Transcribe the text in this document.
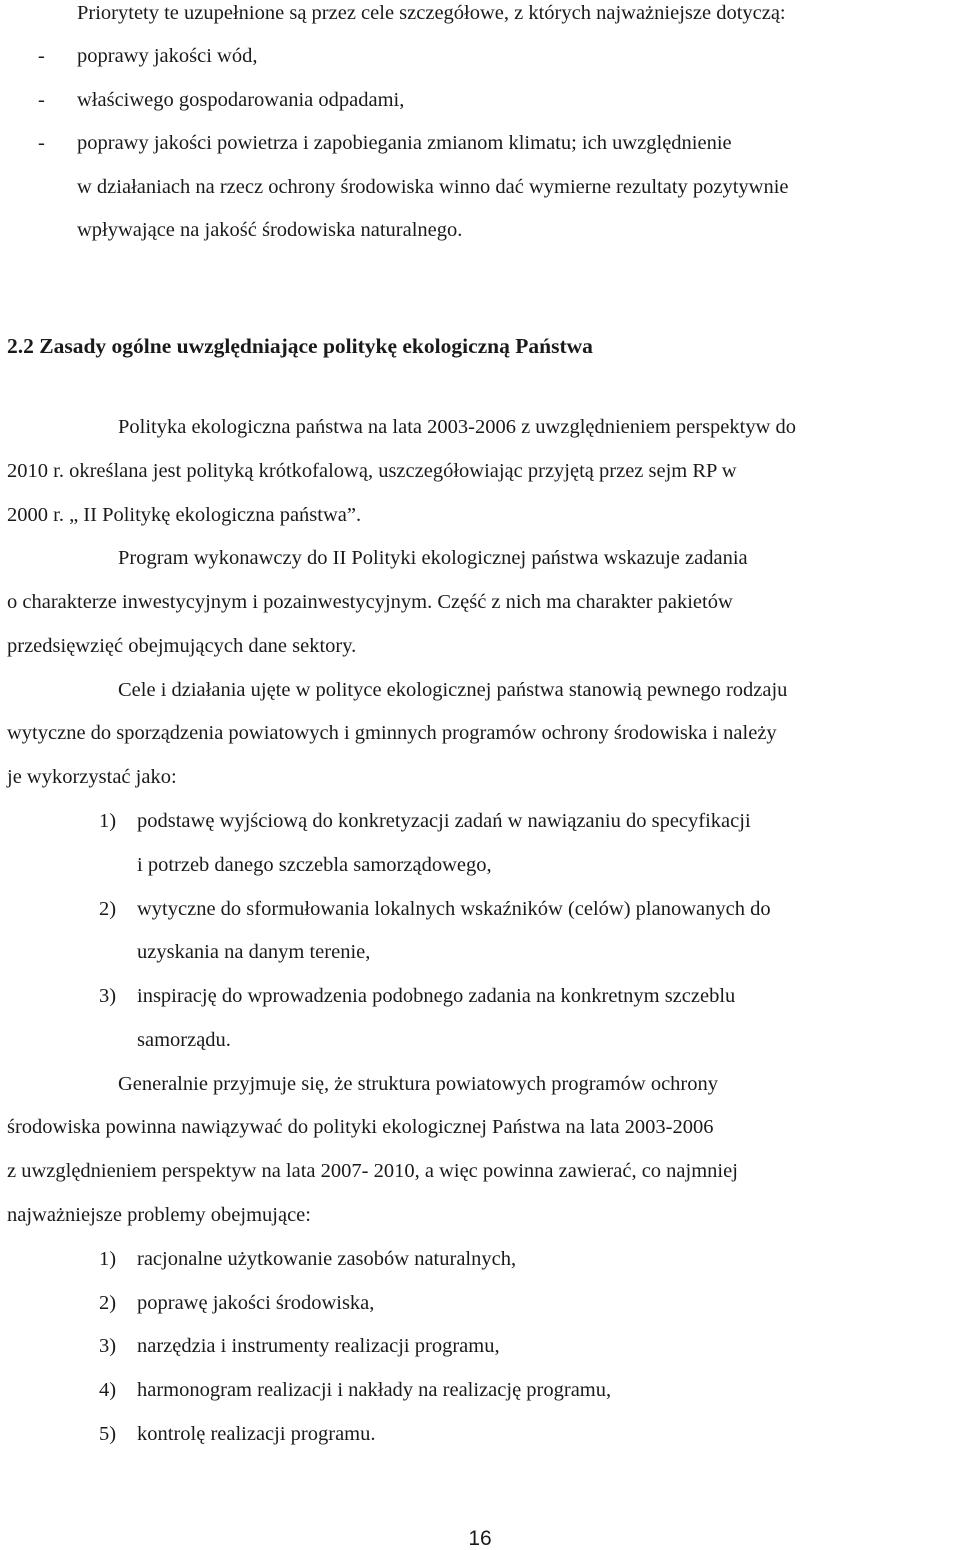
Priorytety te uzupełnione są przez cele szczegółowe, z których najważniejsze dotyczą:
- poprawy jakości wód,
- właściwego gospodarowania odpadami,
- poprawy jakości powietrza i zapobiegania zmianom klimatu; ich uwzględnienie
w działaniach na rzecz ochrony środowiska winno dać wymierne rezultaty pozytywnie
wpływające na jakość środowiska naturalnego.
2.2 Zasady ogólne uwzględniające politykę ekologiczną Państwa
Polityka ekologiczna państwa na lata 2003-2006 z uwzględnieniem perspektyw do
2010 r. określana jest polityką krótkofalową, uszczegółowiając przyjętą przez sejm RP w
2000 r. „ II Politykę ekologiczna państwa”.
Program wykonawczy do II Polityki ekologicznej państwa wskazuje zadania
o charakterze inwestycyjnym i pozainwestycyjnym. Część z nich ma charakter pakietów
przedsięwzięć obejmujących dane sektory.
Cele i działania ujęte w polityce ekologicznej państwa stanowią pewnego rodzaju
wytyczne do sporządzenia powiatowych i gminnych programów ochrony środowiska i należy
je wykorzystać jako:
1) podstawę wyjściową do konkretyzacji zadań w nawiązaniu do specyfikacji
i potrzeb danego szczebla samorządowego,
2) wytyczne do sformułowania lokalnych wskaźników (celów) planowanych do
uzyskania na danym terenie,
3) inspirację do wprowadzenia podobnego zadania na konkretnym szczeblu
samorządu.
Generalnie przyjmuje się, że struktura powiatowych programów ochrony
środowiska powinna nawiązywać do polityki ekologicznej Państwa na lata 2003-2006
z uwzględnieniem perspektyw na lata 2007- 2010, a więc powinna zawierać, co najmniej
najważniejsze problemy obejmujące:
1) racjonalne użytkowanie zasobów naturalnych,
2) poprawę jakości środowiska,
3) narzędzia i instrumenty realizacji programu,
4) harmonogram realizacji i nakłady na realizację programu,
5) kontrolę realizacji programu.
16
